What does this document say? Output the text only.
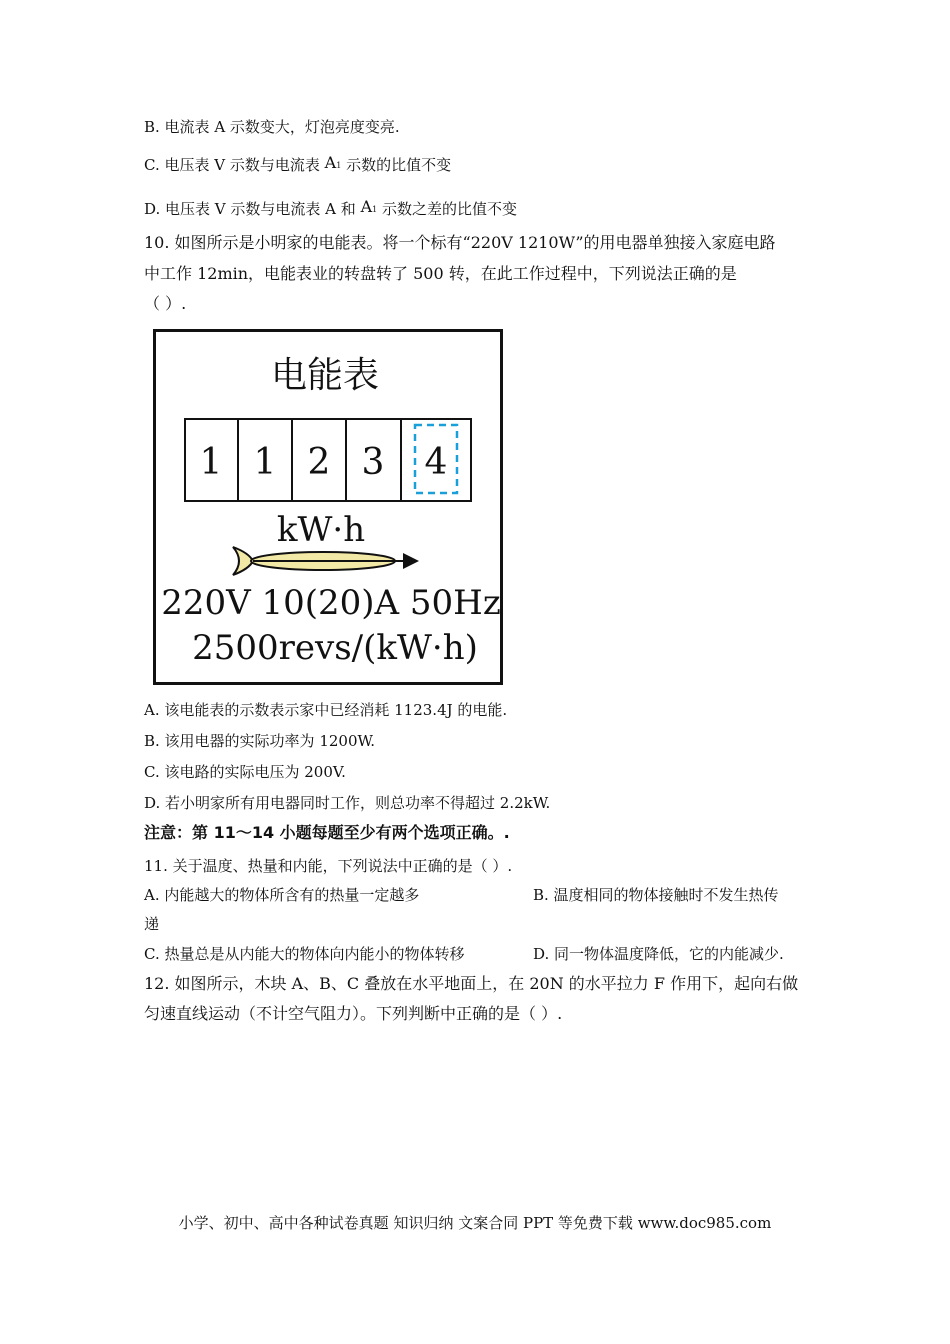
B. 电流表 A 示数变大，灯泡亮度变亮.
C. 电压表 V 示数与电流表 A1 示数的比值不变
D. 电压表 V 示数与电流表 A 和 A1 示数之差的比值不变
10. 如图所示是小明家的电能表。将一个标有“220V 1210W”的用电器单独接入家庭电路
中工作 12min，电能表业的转盘转了 500 转，在此工作过程中，下列说法正确的是
（ ）.
电能表
1 1 2 3 4
kW·h
220V 10(20)A 50Hz
2500revs/(kW·h)
A. 该电能表的示数表示家中已经消耗 1123.4J 的电能.
B. 该用电器的实际功率为 1200W.
C. 该电路的实际电压为 200V.
D. 若小明家所有用电器同时工作，则总功率不得超过 2.2kW.
注意：第 11～14 小题每题至少有两个选项正确。.
11. 关于温度、热量和内能，下列说法中正确的是（ ）.
A. 内能越大的物体所含有的热量一定越多	B. 温度相同的物体接触时不发生热传
递
C. 热量总是从内能大的物体向内能小的物体转移	D. 同一物体温度降低，它的内能减少.
12. 如图所示，木块 A、B、C 叠放在水平地面上，在 20N 的水平拉力 F 作用下，起向右做
匀速直线运动（不计空气阻力）。下列判断中正确的是（ ）.
小学、初中、高中各种试卷真题 知识归纳 文案合同 PPT 等免费下载 www.doc985.com
